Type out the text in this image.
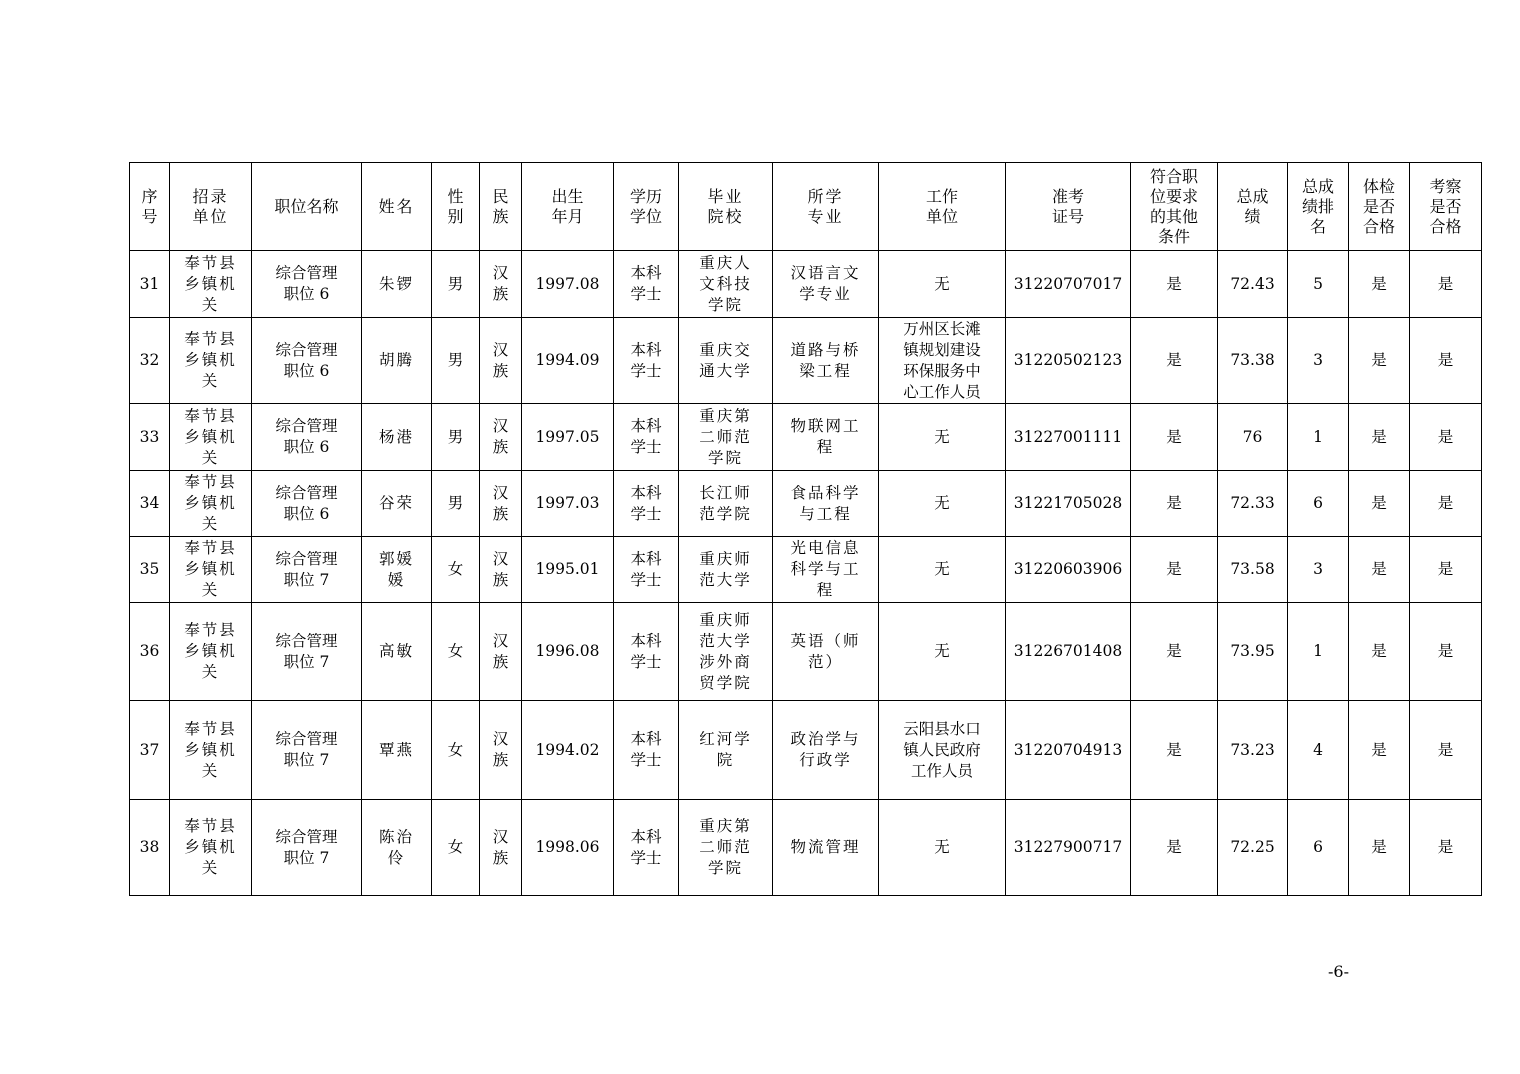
序
号	招录
单位	职位名称	姓名	性
别	民
族	出生
年月	学历
学位	毕业
院校	所学
专业	工作
单位	准考
证号	符合职
位要求
的其他
条件	总成
绩	总成
绩排
名	体检
是否
合格	考察
是否
合格
31	奉节县
乡镇机
关	综合管理
职位 6	朱锣	男	汉
族	1997.08	本科
学士	重庆人
文科技
学院	汉语言文
学专业	无	31220707017	是	72.43	5	是	是
32	奉节县
乡镇机
关	综合管理
职位 6	胡腾	男	汉
族	1994.09	本科
学士	重庆交
通大学	道路与桥
梁工程	万州区长滩
镇规划建设
环保服务中
心工作人员	31220502123	是	73.38	3	是	是
33	奉节县
乡镇机
关	综合管理
职位 6	杨港	男	汉
族	1997.05	本科
学士	重庆第
二师范
学院	物联网工
程	无	31227001111	是	76	1	是	是
34	奉节县
乡镇机
关	综合管理
职位 6	谷荣	男	汉
族	1997.03	本科
学士	长江师
范学院	食品科学
与工程	无	31221705028	是	72.33	6	是	是
35	奉节县
乡镇机
关	综合管理
职位 7	郭媛
媛	女	汉
族	1995.01	本科
学士	重庆师
范大学	光电信息
科学与工
程	无	31220603906	是	73.58	3	是	是
36	奉节县
乡镇机
关	综合管理
职位 7	高敏	女	汉
族	1996.08	本科
学士	重庆师
范大学
涉外商
贸学院	英语（师
范）	无	31226701408	是	73.95	1	是	是
37	奉节县
乡镇机
关	综合管理
职位 7	覃燕	女	汉
族	1994.02	本科
学士	红河学
院	政治学与
行政学	云阳县水口
镇人民政府
工作人员	31220704913	是	73.23	4	是	是
38	奉节县
乡镇机
关	综合管理
职位 7	陈治
伶	女	汉
族	1998.06	本科
学士	重庆第
二师范
学院	物流管理	无	31227900717	是	72.25	6	是	是
-6-
